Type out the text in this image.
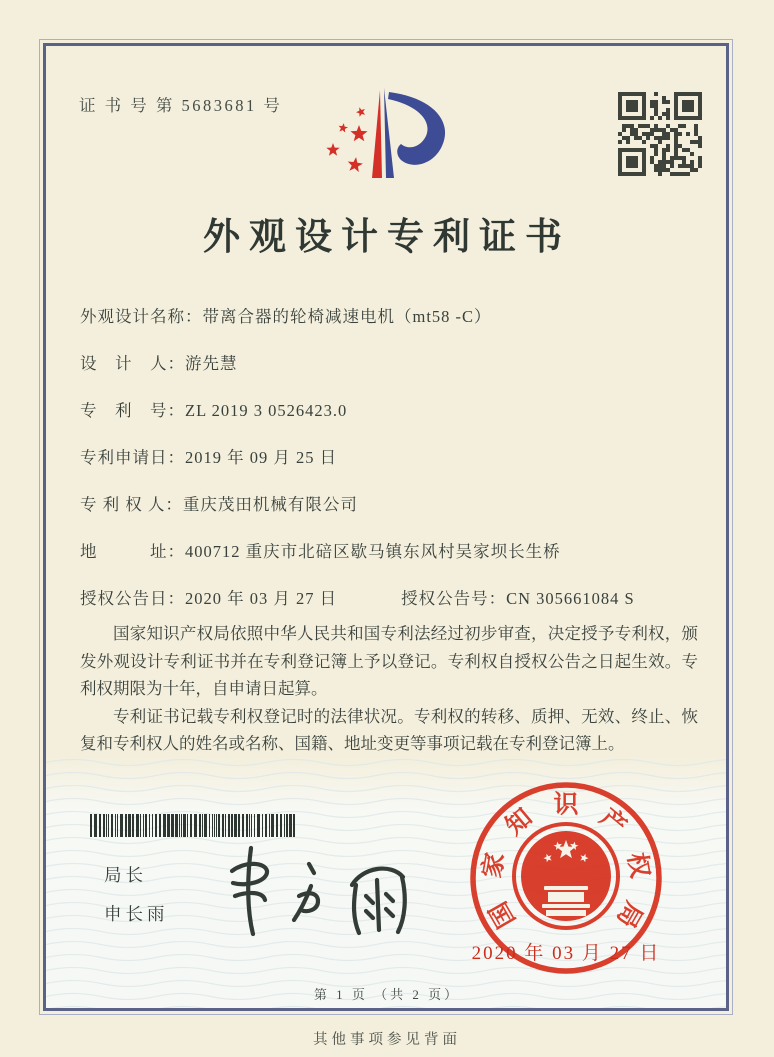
证 书 号 第 5683681 号
外观设计专利证书
外观设计名称：带离合器的轮椅减速电机（mt58 -C）
设　计　人：游先慧
专　利　号：ZL 2019 3 0526423.0
专利申请日：2019 年 09 月 25 日
专 利 权 人：重庆茂田机械有限公司
地　　　址：400712 重庆市北碚区歇马镇东风村吴家坝长生桥
授权公告日：2020 年 03 月 27 日	授权公告号：CN 305661084 S

国家知识产权局依照中华人民共和国专利法经过初步审查，决定授予专利权，颁发外观设计专利证书并在专利登记簿上予以登记。专利权自授权公告之日起生效。专利权期限为十年，自申请日起算。

专利证书记载专利权登记时的法律状况。专利权的转移、质押、无效、终止、恢复和专利权人的姓名或名称、国籍、地址变更等事项记载在专利登记簿上。

局长
申长雨	国
家
知 识 产
权
局
2020 年 03 月 27 日
第 1 页 （共 2 页）
其他事项参见背面
